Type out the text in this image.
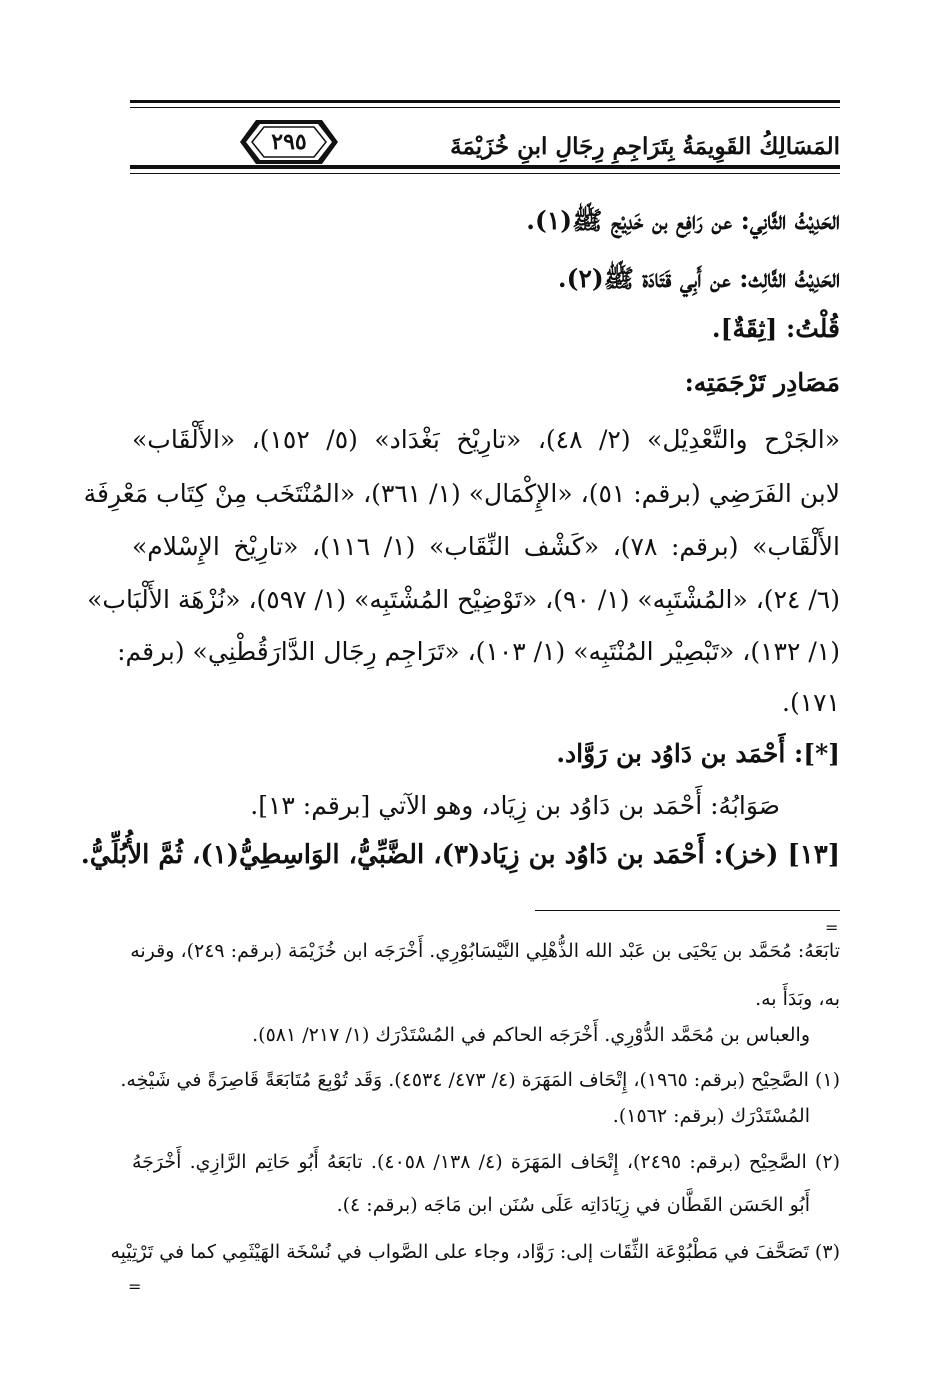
المَسَالِكُ القَوِيمَةُ بِتَرَاجِمِ رِجَالِ ابنِ خُزَيْمَةَ
٢٩٥
الحَدِيْثُ الثَّانِي: عن رَافِع بن خَدِيْج ﷺ(١).
الحَدِيْثُ الثَّالِث: عن أَبِي قَتَادَة ﷺ(٢).
قُلْتُ: [ثِقَةٌ].
مَصَادِر تَرْجَمَتِه:
«الجَرْح والتَّعْدِيْل» (٢/ ٤٨)، «تارِيْخ بَغْدَاد» (٥/ ١٥٢)، «الأَلْقَاب»
لابن الفَرَضِي (برقم: ٥١)، «الإِكْمَال» (١/ ٣٦١)، «المُنْتَخَب مِنْ كِتَاب مَعْرِفَة
الأَلْقَاب» (برقم: ٧٨)، «كَشْف النِّقَاب» (١/ ١١٦)، «تارِيْخ الإِسْلام»
(٦/ ٢٤)، «المُشْتَبِه» (١/ ٩٠)، «تَوْضِيْح المُشْتَبِه» (١/ ٥٩٧)، «نُزْهَة الأَلْبَاب»
(١/ ١٣٢)، «تَبْصِيْر المُنْتَبِه» (١/ ١٠٣)، «تَرَاجِم رِجَال الدَّارَقُطْنِي» (برقم:
١٧١).
[*]: أَحْمَد بن دَاوُد بن رَوَّاد.
صَوَابُهُ: أَحْمَد بن دَاوُد بن زِيَاد، وهو الآتي [برقم: ١٣].
[١٣] (خز): أَحْمَد بن دَاوُد بن زِيَاد(٣)، الضَّبِّيُّ، الوَاسِطِيُّ(١)، ثُمَّ الأُبُلِّيُّ.
=
تابَعَهُ: مُحَمَّد بن يَحْيَى بن عَبْد الله الذُّهْلِي النَّيْسَابُوْرِي. أَخْرَجَه ابن خُزَيْمَة (برقم: ٢٤٩)، وقرنه
به، وبَدَأَ به.
والعباس بن مُحَمَّد الدُّوْرِي. أَخْرَجَه الحاكم في المُسْتَدْرَك (١/ ٢١٧/ ٥٨١).
(١) الصَّحِيْح (برقم: ١٩٦٥)، إِتْحَاف المَهَرَة (٤/ ٤٧٣/ ٤٥٣٤). وَقَد تُوْبِعَ مُتَابَعَةً قَاصِرَةً في شَيْخِه.
المُسْتَدْرَك (برقم: ١٥٦٢).
(٢) الصَّحِيْح (برقم: ٢٤٩٥)، إِتْحَاف المَهَرَة (٤/ ١٣٨/ ٤٠٥٨). تابَعَهُ أَبُو حَاتِم الرَّازِي. أَخْرَجَهُ
أَبُو الحَسَن القَطَّان في زِيَادَاتِه عَلَى سُنَن ابن مَاجَه (برقم: ٤).
(٣) تَصَحَّفَ في مَطْبُوْعَة الثِّقَات إلى: رَوَّاد، وجاء على الصَّواب في نُسْخَة الهَيْثَمِي كما في تَرْتِيْبِه
=
